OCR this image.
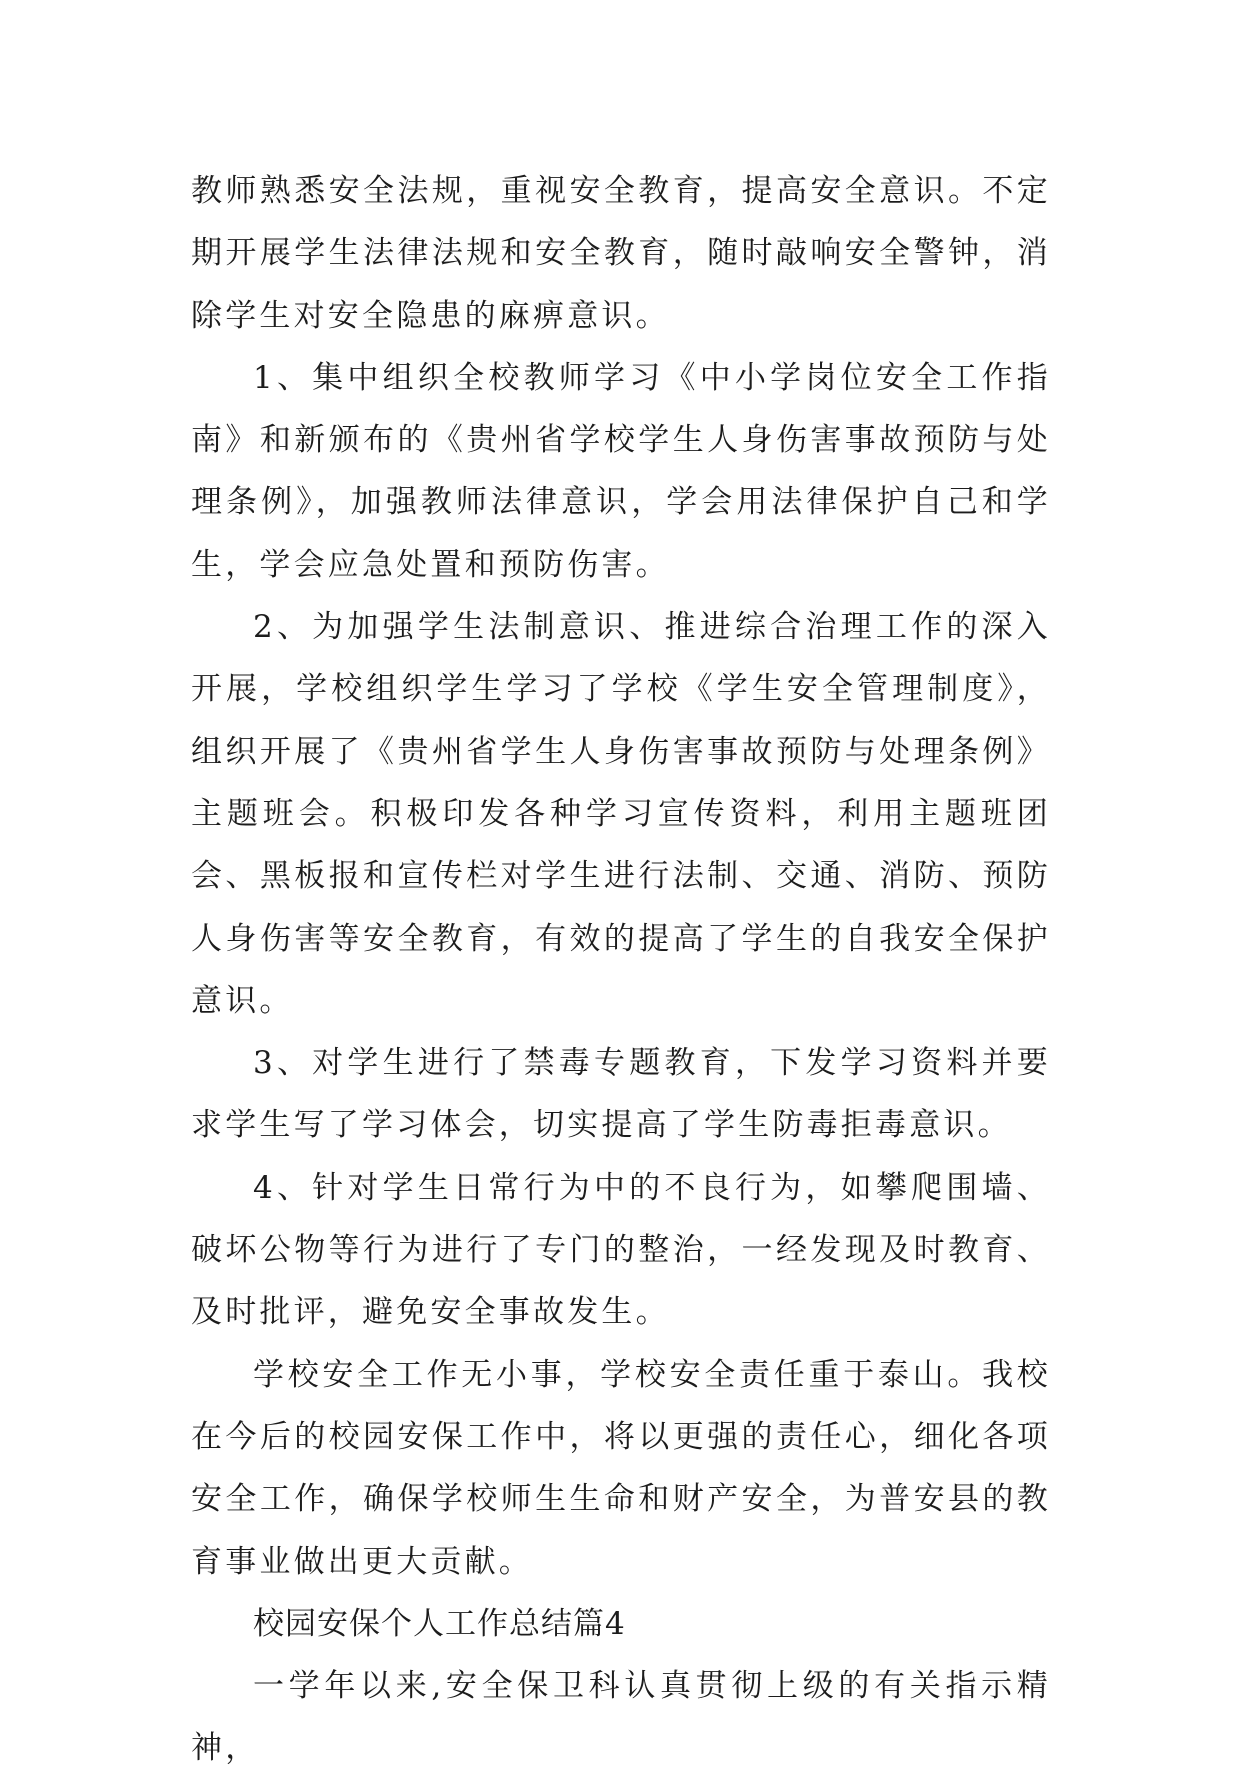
教师熟悉安全法规，重视安全教育，提高安全意识。不定期开展学生法律法规和安全教育，随时敲响安全警钟，消除学生对安全隐患的麻痹意识。

1、集中组织全校教师学习《中小学岗位安全工作指南》和新颁布的《贵州省学校学生人身伤害事故预防与处理条例》，加强教师法律意识，学会用法律保护自己和学生，学会应急处置和预防伤害。

2、为加强学生法制意识、推进综合治理工作的深入开展，学校组织学生学习了学校《学生安全管理制度》，组织开展了《贵州省学生人身伤害事故预防与处理条例》主题班会。积极印发各种学习宣传资料，利用主题班团会、黑板报和宣传栏对学生进行法制、交通、消防、预防人身伤害等安全教育，有效的提高了学生的自我安全保护意识。

3、对学生进行了禁毒专题教育，下发学习资料并要求学生写了学习体会，切实提高了学生防毒拒毒意识。

4、针对学生日常行为中的不良行为，如攀爬围墙、破坏公物等行为进行了专门的整治，一经发现及时教育、及时批评，避免安全事故发生。

学校安全工作无小事，学校安全责任重于泰山。我校在今后的校园安保工作中，将以更强的责任心，细化各项安全工作，确保学校师生生命和财产安全，为普安县的教育事业做出更大贡献。

校园安保个人工作总结篇4

一学年以来,安全保卫科认真贯彻上级的有关指示精神，
